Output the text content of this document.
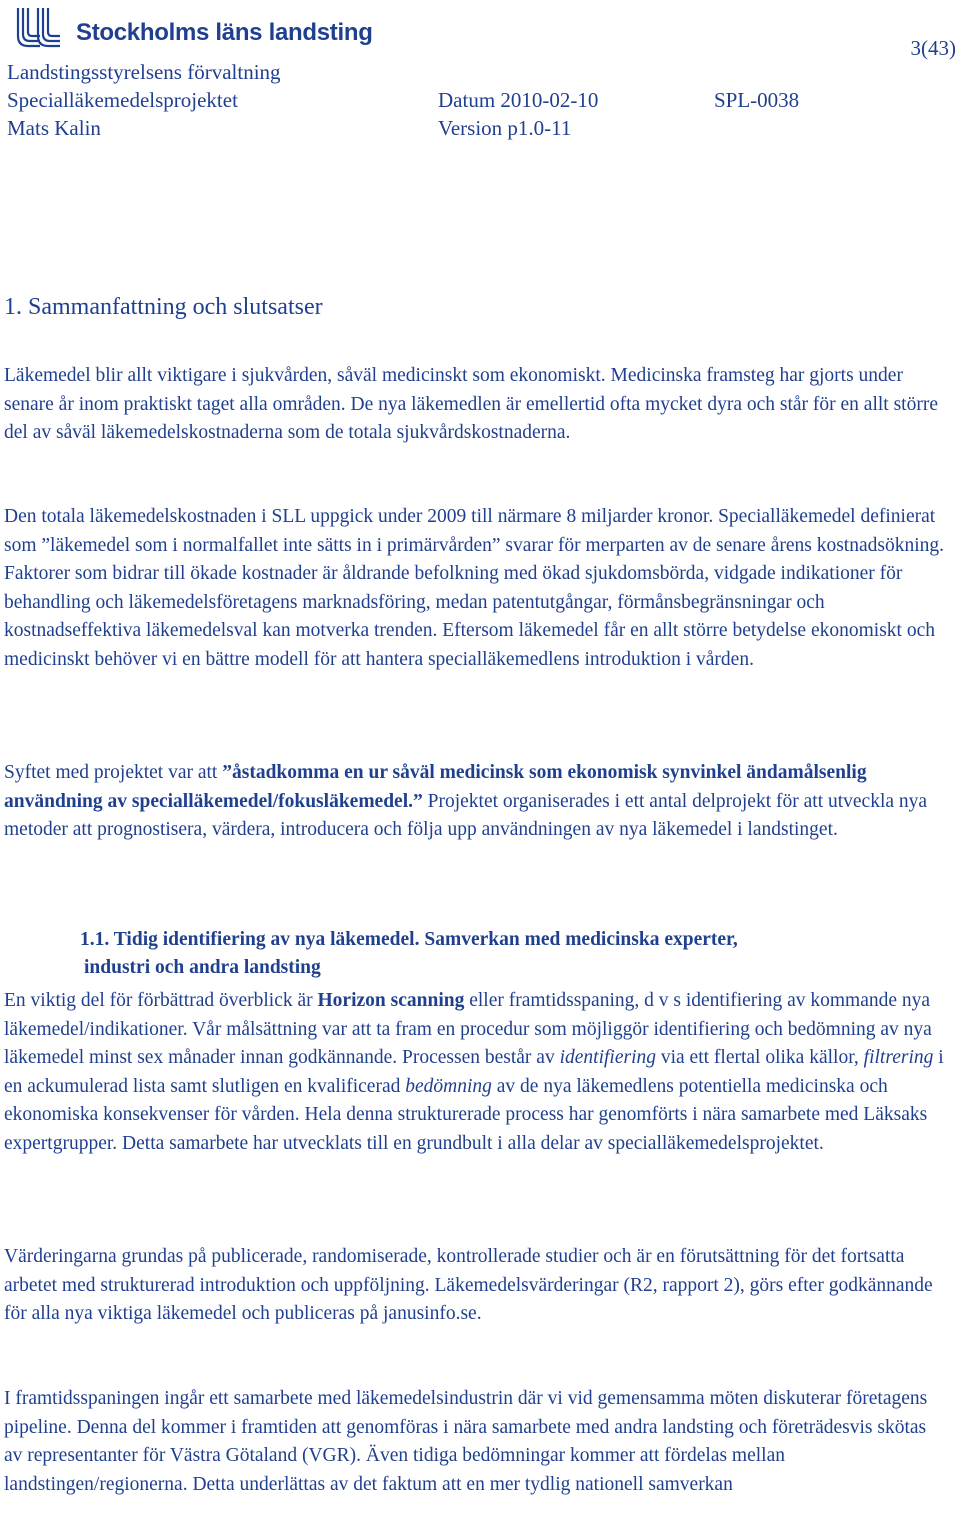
Stockholms läns landsting
3(43)
Landstingsstyrelsens förvaltning
Specialläkemedelsprojektet	Datum 2010-02-10	SPL-0038
Mats Kalin	Version p1.0-11
1. Sammanfattning och slutsatser

Läkemedel blir allt viktigare i sjukvården, såväl medicinskt som ekonomiskt. Medicinska framsteg har gjorts under senare år inom praktiskt taget alla områden. De nya läkemedlen är emellertid ofta mycket dyra och står för en allt större del av såväl läkemedelskostnaderna som de totala sjukvårdskostnaderna.

Den totala läkemedelskostnaden i SLL uppgick under 2009 till närmare 8 miljarder kronor. Specialläkemedel definierat som ”läkemedel som i normalfallet inte sätts in i primärvården” svarar för merparten av de senare årens kostnadsökning. Faktorer som bidrar till ökade kostnader är åldrande befolkning med ökad sjukdomsbörda, vidgade indikationer för behandling och läkemedelsföretagens marknadsföring, medan patentutgångar, förmånsbegränsningar och kostnadseffektiva läkemedelsval kan motverka trenden. Eftersom läkemedel får en allt större betydelse ekonomiskt och medicinskt behöver vi en bättre modell för att hantera specialläkemedlens introduktion i vården.

Syftet med projektet var att ”åstadkomma en ur såväl medicinsk som ekonomisk synvinkel ändamålsenlig användning av specialläkemedel/fokusläkemedel.” Projektet organiserades i ett antal delprojekt för att utveckla nya metoder att prognostisera, värdera, introducera och följa upp användningen av nya läkemedel i landstinget.

1.1. Tidig identifiering av nya läkemedel. Samverkan med medicinska experter,
industri och andra landsting

En viktig del för förbättrad överblick är Horizon scanning eller framtidsspaning, d v s identifiering av kommande nya läkemedel/indikationer. Vår målsättning var att ta fram en procedur som möjliggör identifiering och bedömning av nya läkemedel minst sex månader innan godkännande. Processen består av identifiering via ett flertal olika källor, filtrering i en ackumulerad lista samt slutligen en kvalificerad bedömning av de nya läkemedlens potentiella medicinska och ekonomiska konsekvenser för vården. Hela denna strukturerade process har genomförts i nära samarbete med Läksaks expertgrupper. Detta samarbete har utvecklats till en grundbult i alla delar av specialläkemedelsprojektet.

Värderingarna grundas på publicerade, randomiserade, kontrollerade studier och är en förutsättning för det fortsatta arbetet med strukturerad introduktion och uppföljning. Läkemedelsvärderingar (R2, rapport 2), görs efter godkännande för alla nya viktiga läkemedel och publiceras på janusinfo.se.

I framtidsspaningen ingår ett samarbete med läkemedelsindustrin där vi vid gemensamma möten diskuterar företagens pipeline. Denna del kommer i framtiden att genomföras i nära samarbete med andra landsting och företrädesvis skötas av representanter för Västra Götaland (VGR). Även tidiga bedömningar kommer att fördelas mellan landstingen/regionerna. Detta underlättas av det faktum att en mer tydlig nationell samverkan
